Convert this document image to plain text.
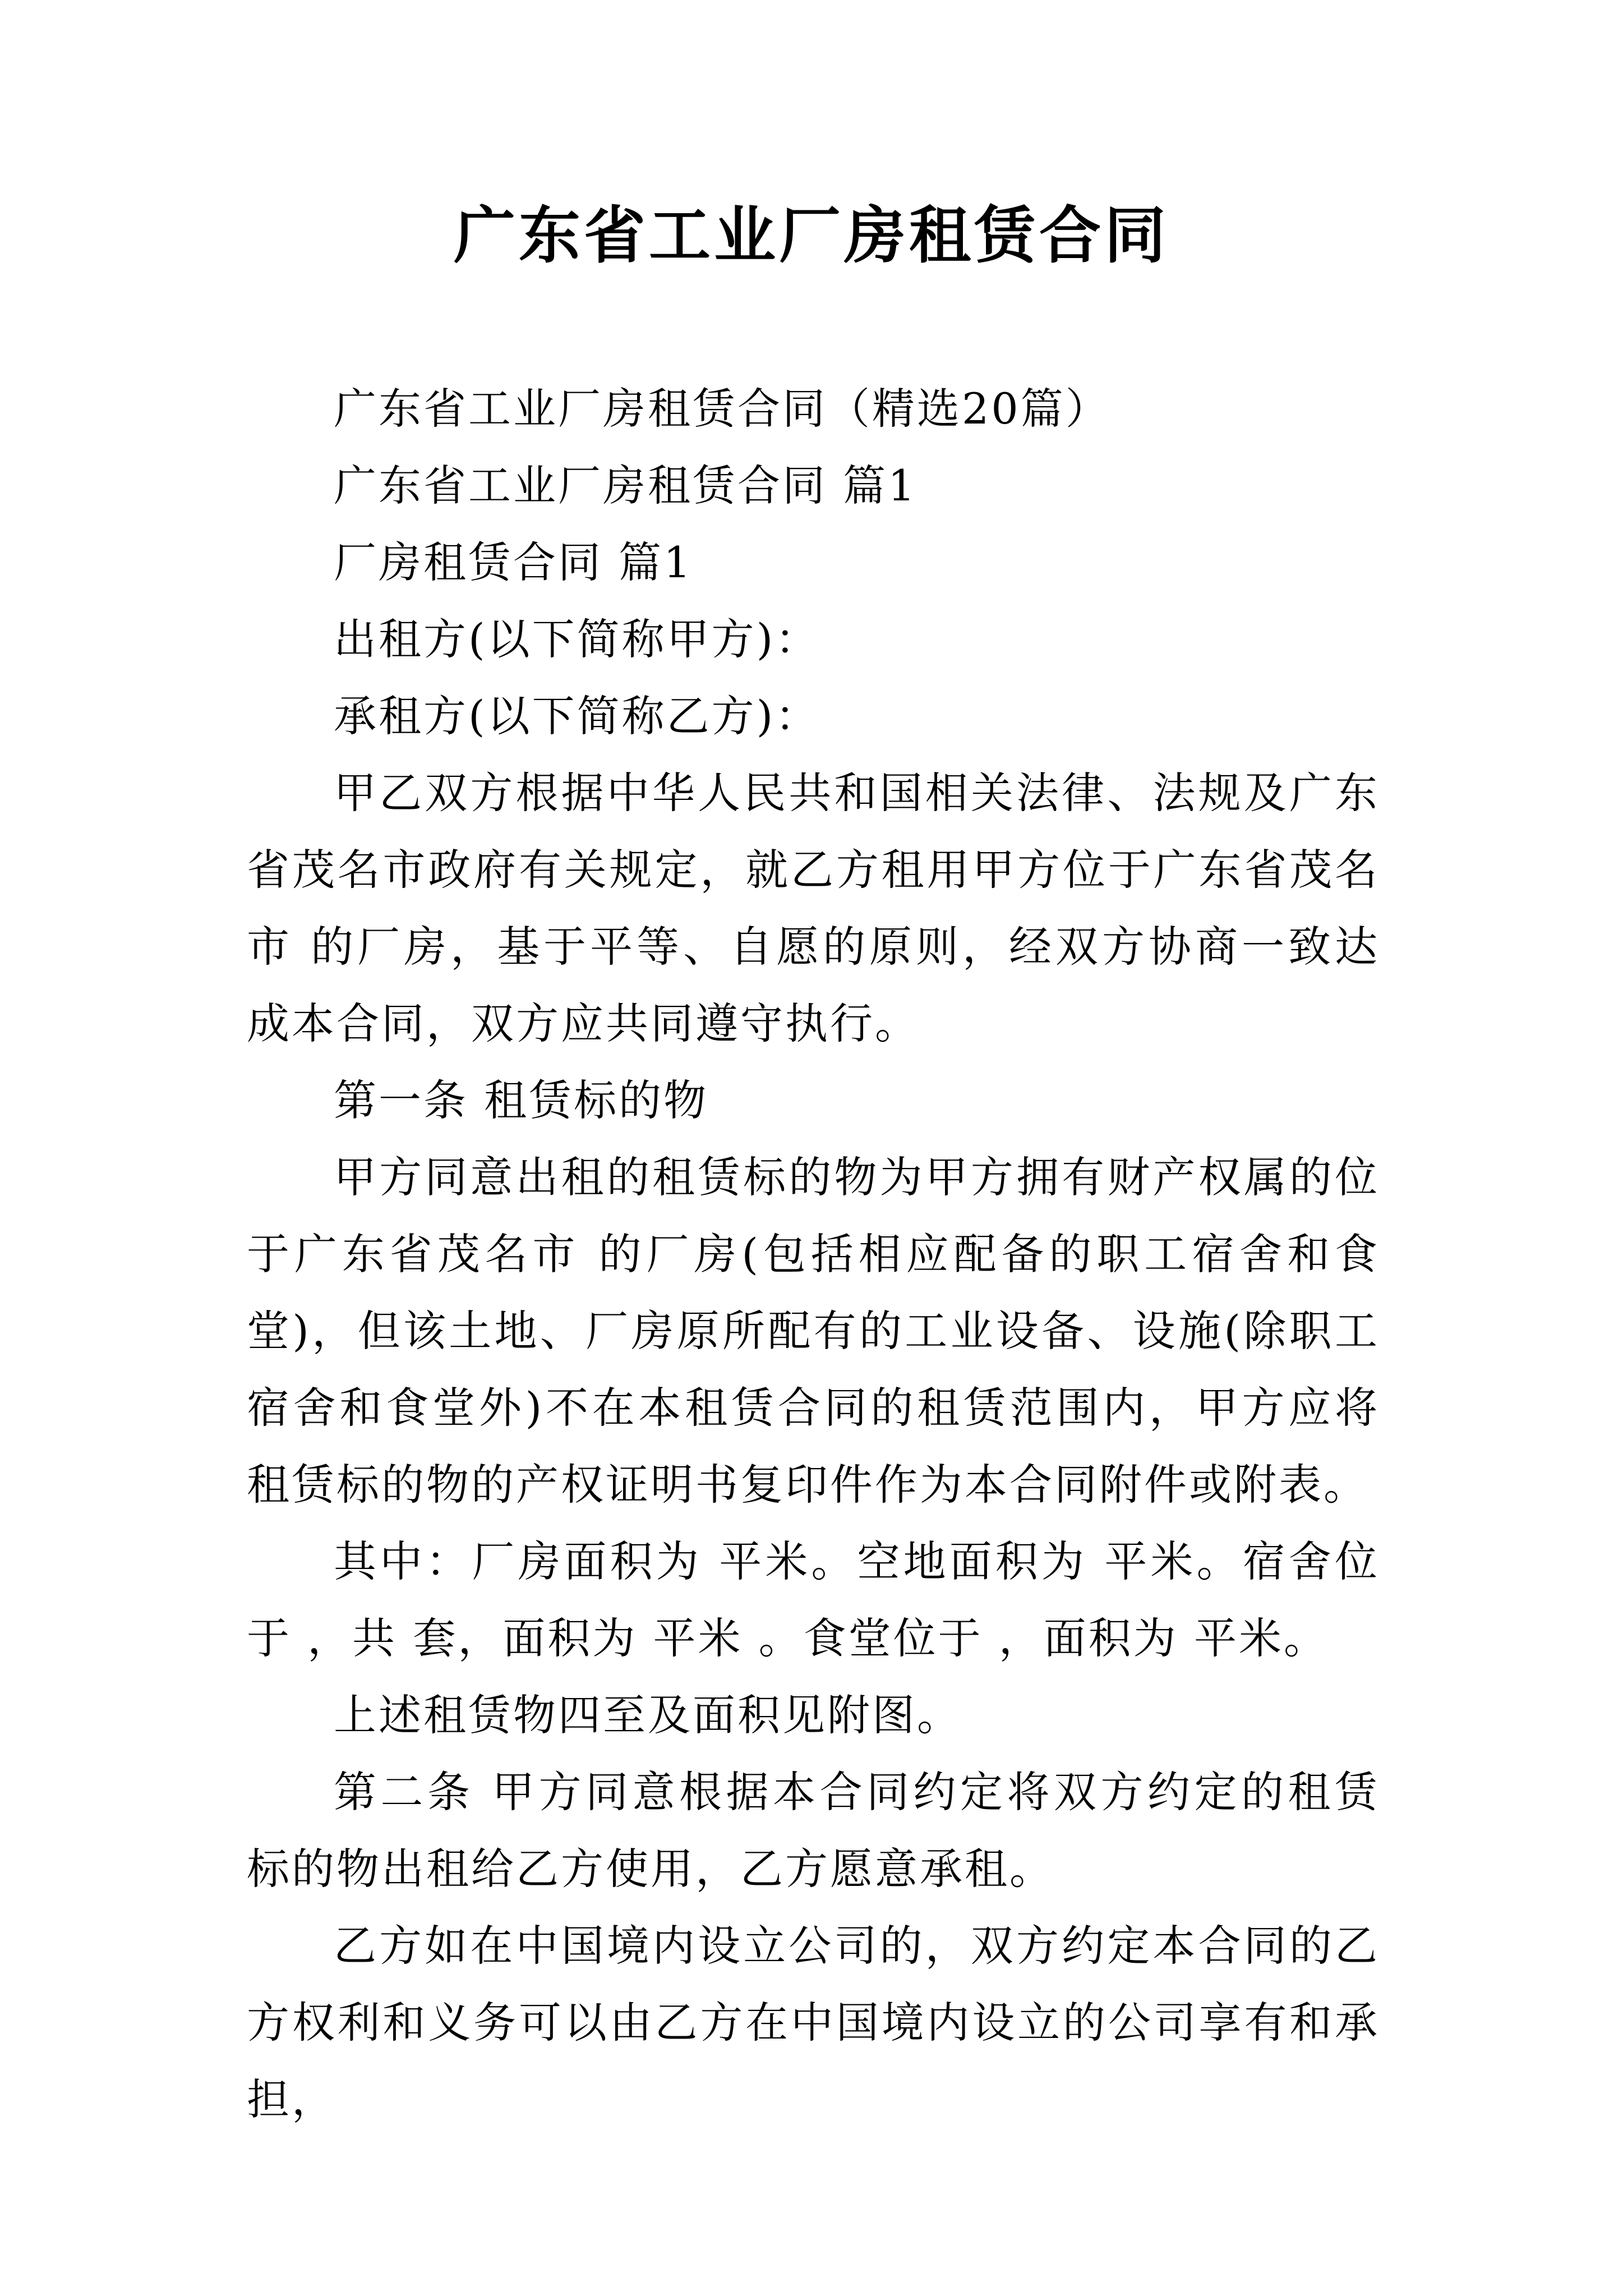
广东省工业厂房租赁合同

广东省工业厂房租赁合同（精选20篇）

广东省工业厂房租赁合同 篇1

厂房租赁合同 篇1

出租方(以下简称甲方)：

承租方(以下简称乙方)：

甲乙双方根据中华人民共和国相关法律、法规及广东省茂名市政府有关规定，就乙方租用甲方位于广东省茂名市 的厂房，基于平等、自愿的原则，经双方协商一致达成本合同，双方应共同遵守执行。

第一条 租赁标的物

甲方同意出租的租赁标的物为甲方拥有财产权属的位于广东省茂名市 的厂房(包括相应配备的职工宿舍和食堂)，但该土地、厂房原所配有的工业设备、设施(除职工宿舍和食堂外)不在本租赁合同的租赁范围内，甲方应将租赁标的物的产权证明书复印件作为本合同附件或附表。

其中：厂房面积为 平米。空地面积为 平米。宿舍位于 ，共 套，面积为 平米 。食堂位于 ，面积为 平米。

上述租赁物四至及面积见附图。

第二条 甲方同意根据本合同约定将双方约定的租赁标的物出租给乙方使用，乙方愿意承租。

乙方如在中国境内设立公司的，双方约定本合同的乙方权利和义务可以由乙方在中国境内设立的公司享有和承担，
